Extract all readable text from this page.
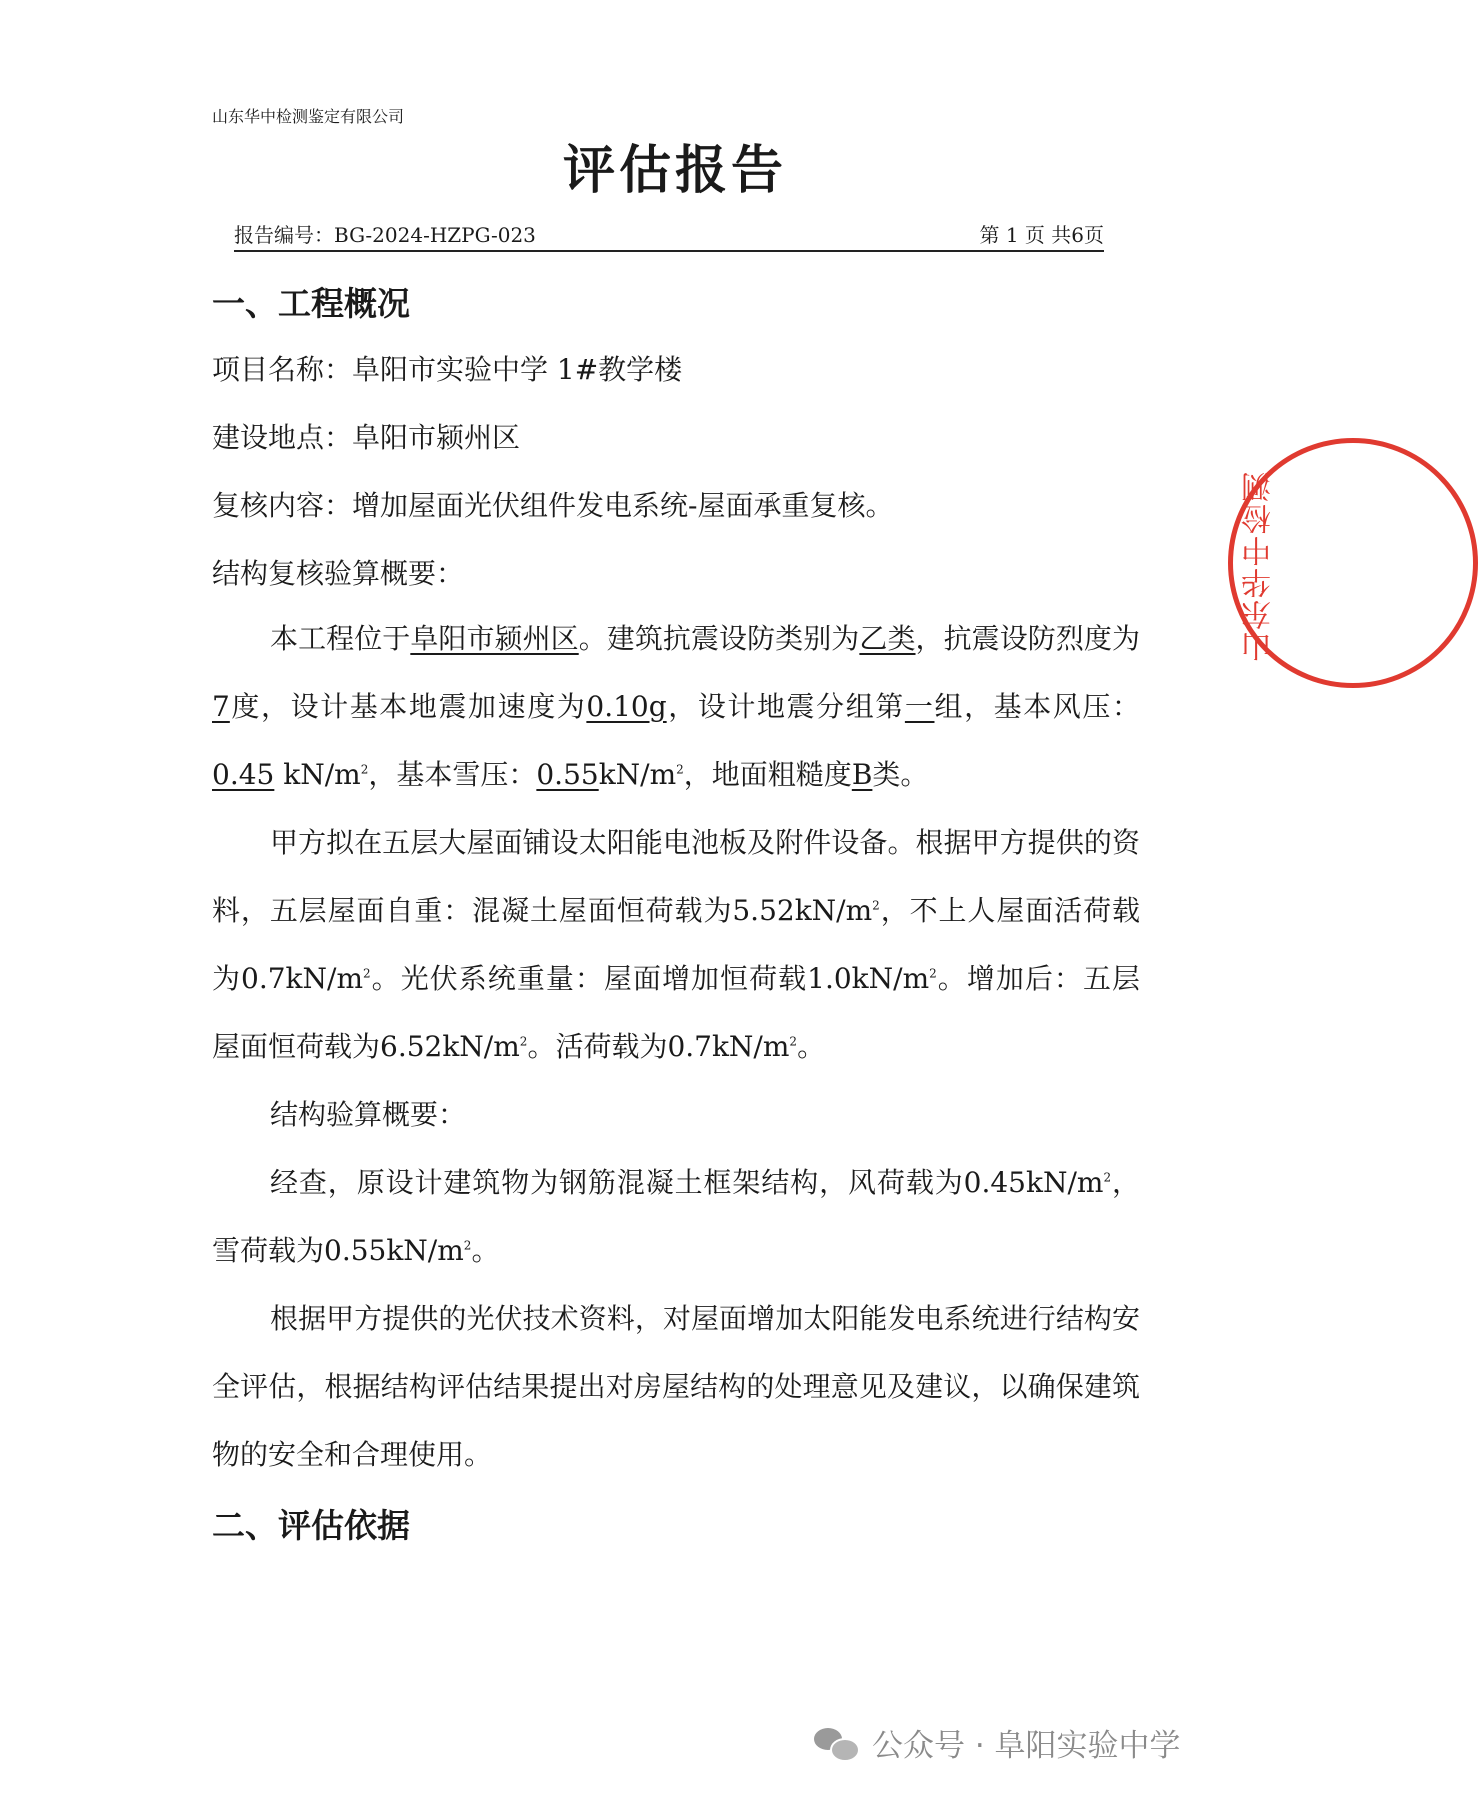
山东华中检测鉴定有限公司
评估报告
报告编号：BG-2024-HZPG-023	第 1 页 共6页
一、工程概况
项目名称：阜阳市实验中学 1#教学楼
建设地点：阜阳市颍州区
复核内容：增加屋面光伏组件发电系统-屋面承重复核。
结构复核验算概要：
本工程位于阜阳市颍州区。建筑抗震设防类别为乙类，抗震设防烈度为7度，设计基本地震加速度为0.10g，设计地震分组第一组，基本风压：0.45 $kN/m^2$，基本雪压：$0.55kN/m^2$，地面粗糙度B类。
甲方拟在五层大屋面铺设太阳能电池板及附件设备。根据甲方提供的资料，五层屋面自重：混凝土屋面恒荷载为$5.52kN/m^2$，不上人屋面活荷载为$0.7kN/m^2$。光伏系统重量：屋面增加恒荷载$1.0kN/m^2$。增加后：五层屋面恒荷载为$6.52kN/m^2$。活荷载为$0.7kN/m^2$。
结构验算概要：
经查，原设计建筑物为钢筋混凝土框架结构，风荷载为$0.45kN/m^2$，雪荷载为$0.55kN/m^2$。
根据甲方提供的光伏技术资料，对屋面增加太阳能发电系统进行结构安全评估，根据结构评估结果提出对房屋结构的处理意见及建议，以确保建筑物的安全和合理使用。
二、评估依据
山东华中检测
公众号 · 阜阳实验中学
